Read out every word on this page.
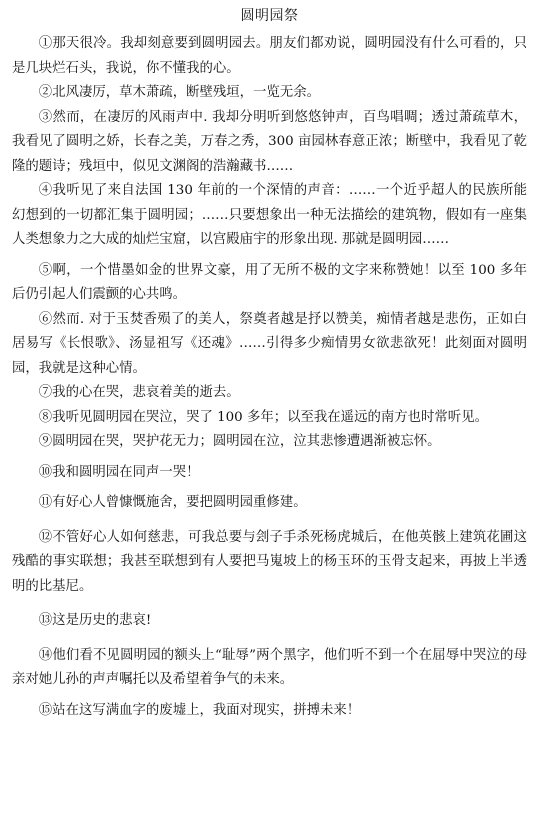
圆明园祭

①那天很冷。我却刻意要到圆明园去。朋友们都劝说，圆明园没有什么可看的，只是几块烂石头，我说，你不懂我的心。

②北风凄厉，草木萧疏，断壁残垣，一览无余。

③然而，在凄厉的风雨声中. 我却分明听到悠悠钟声，百鸟唱啁；透过萧疏草木，我看见了圆明之娇，长春之美，万春之秀，300 亩园林春意正浓；断壁中，我看见了乾隆的题诗；残垣中，似见文渊阁的浩瀚藏书……

④我听见了来自法国 130 年前的一个深情的声音：……一个近乎超人的民族所能幻想到的一切都汇集于圆明园；……只要想象出一种无法描绘的建筑物，假如有一座集人类想象力之大成的灿烂宝窟，以宫殿庙宇的形象出现. 那就是圆明园……

⑤啊，一个惜墨如金的世界文豪，用了无所不极的文字来称赞她！以至 100 多年后仍引起人们震颤的心共鸣。

⑥然而. 对于玉焚香殒了的美人，祭奠者越是抒以赞美，痴情者越是悲伤，正如白居易写《长恨歌》、汤显祖写《还魂》……引得多少痴情男女欲悲欲死！此刻面对圆明园，我就是这种心情。

⑦我的心在哭，悲哀着美的逝去。

⑧我听见圆明园在哭泣，哭了 100 多年；以至我在遥远的南方也时常听见。

⑨圆明园在哭，哭护花无力；圆明园在泣，泣其悲惨遭遇渐被忘怀。

⑩我和圆明园在同声一哭！

⑪有好心人曾慷慨施舍，要把圆明园重修建。

⑫不管好心人如何慈悲，可我总要与刽子手杀死杨虎城后，在他英骸上建筑花圃这残酷的事实联想；我甚至联想到有人要把马嵬坡上的杨玉环的玉骨支起来，再披上半透明的比基尼。

⑬这是历史的悲哀!

⑭他们看不见圆明园的额头上“耻辱”两个黑字，他们听不到一个在屈辱中哭泣的母亲对她儿孙的声声嘱托以及希望着争气的未来。

⑮站在这写满血字的废墟上，我面对现实，拼搏未来！
